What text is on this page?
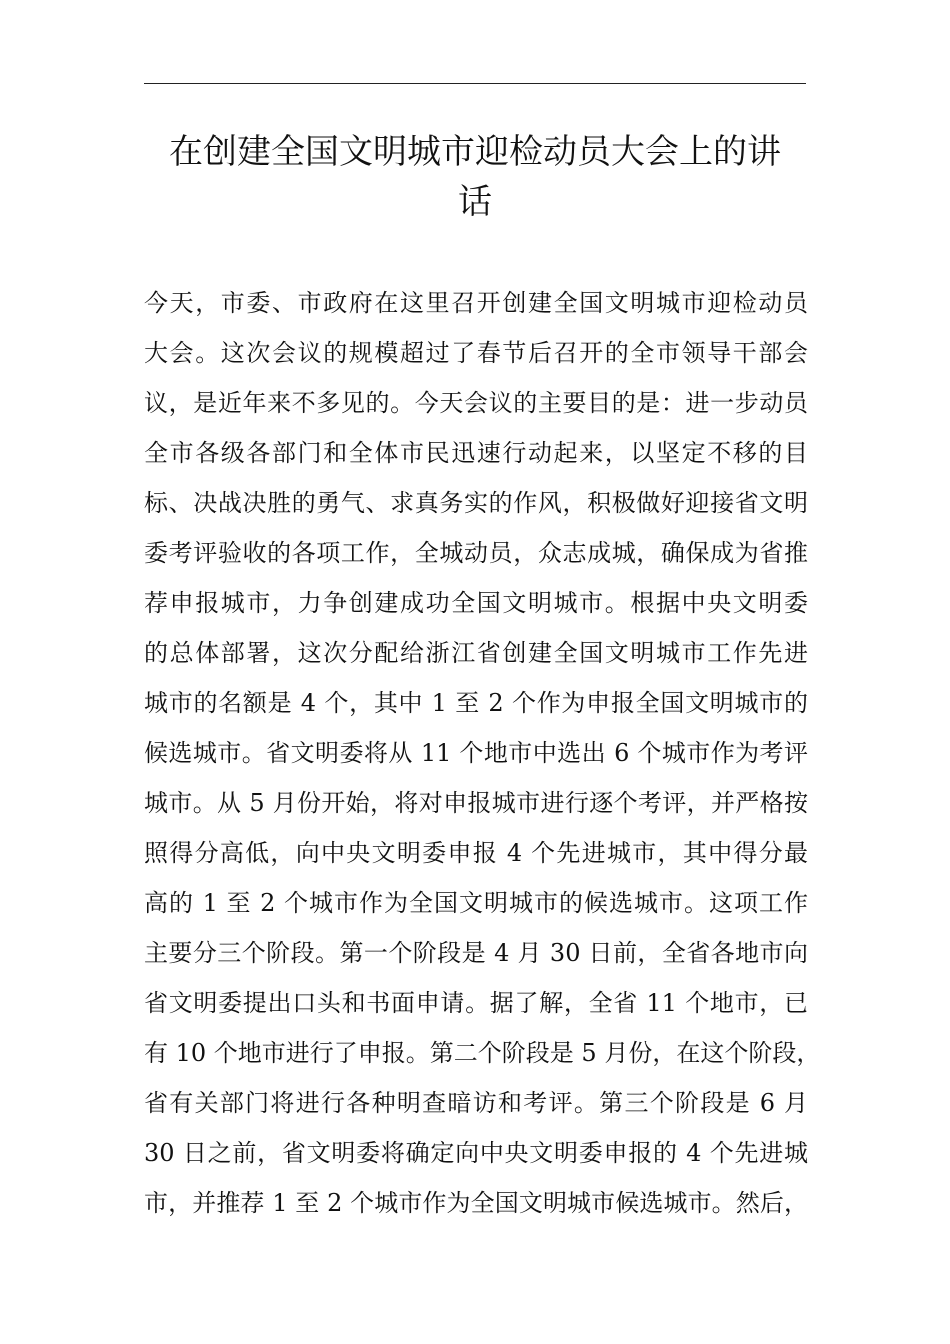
在创建全国文明城市迎检动员大会上的讲
话
今天，市委、市政府在这里召开创建全国文明城市迎检动员
大会。这次会议的规模超过了春节后召开的全市领导干部会
议，是近年来不多见的。今天会议的主要目的是：进一步动员
全市各级各部门和全体市民迅速行动起来，以坚定不移的目
标、决战决胜的勇气、求真务实的作风，积极做好迎接省文明
委考评验收的各项工作，全城动员，众志成城，确保成为省推
荐申报城市，力争创建成功全国文明城市。根据中央文明委
的总体部署，这次分配给浙江省创建全国文明城市工作先进
城市的名额是 4 个，其中 1 至 2 个作为申报全国文明城市的
候选城市。省文明委将从 11 个地市中选出 6 个城市作为考评
城市。从 5 月份开始，将对申报城市进行逐个考评，并严格按
照得分高低，向中央文明委申报 4 个先进城市，其中得分最
高的 1 至 2 个城市作为全国文明城市的候选城市。这项工作
主要分三个阶段。第一个阶段是 4 月 30 日前，全省各地市向
省文明委提出口头和书面申请。据了解，全省 11 个地市，已
有 10 个地市进行了申报。第二个阶段是 5 月份，在这个阶段，
省有关部门将进行各种明查暗访和考评。第三个阶段是 6 月
30 日之前，省文明委将确定向中央文明委申报的 4 个先进城
市，并推荐 1 至 2 个城市作为全国文明城市候选城市。然后，
